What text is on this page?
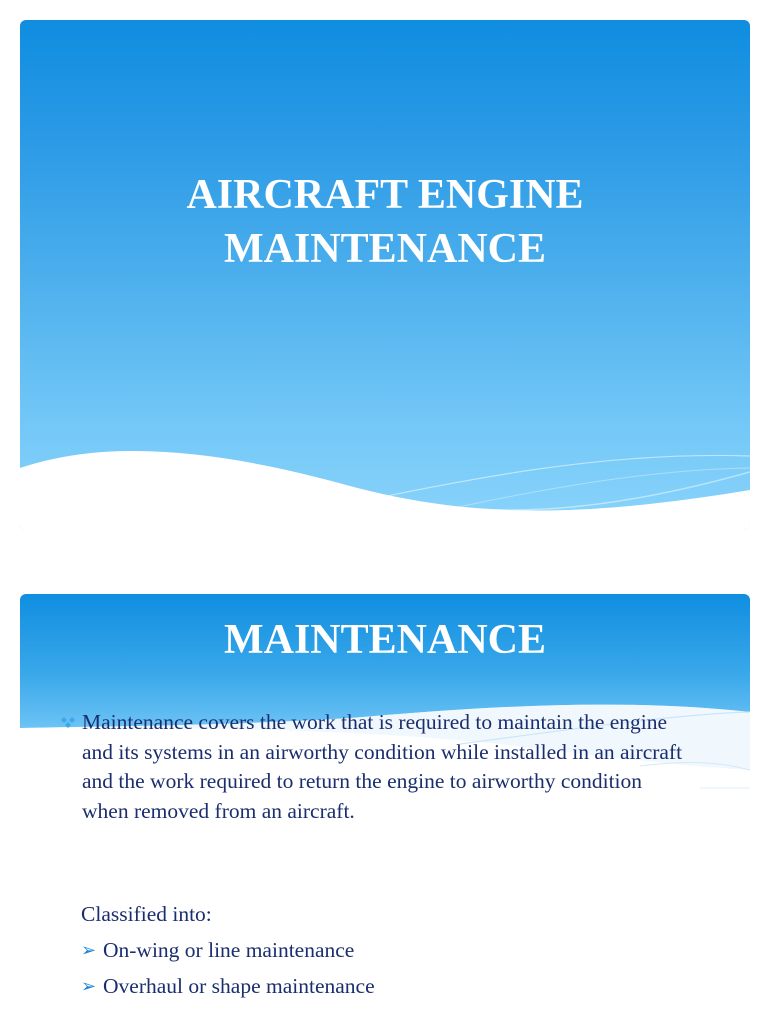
AIRCRAFT ENGINE
MAINTENANCE
MAINTENANCE
Maintenance covers the work that is required to maintain the engine and its systems in an airworthy condition while installed in an aircraft and the work required to return the engine to airworthy condition when removed from an aircraft.
Classified into:
➢ On-wing or line maintenance
➢ Overhaul or shape maintenance
